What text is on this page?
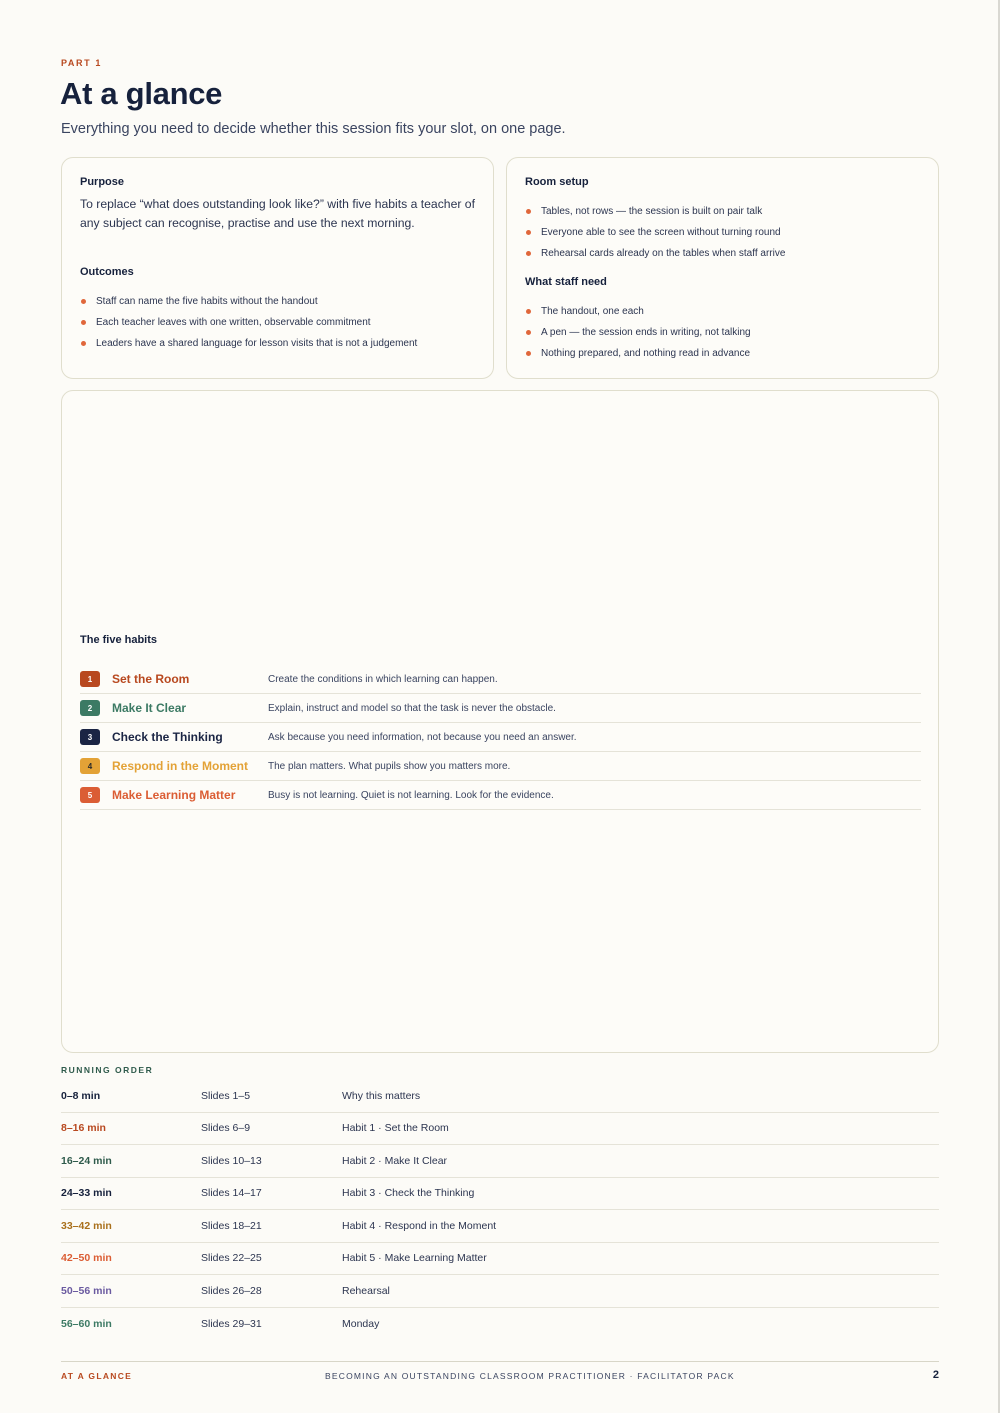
PART 1
At a glance

Everything you need to decide whether this session fits your slot, on one page.

Purpose

To replace “what does outstanding look like?” with five habits a teacher of any subject can recognise, practise and use the next morning.

Outcomes
Staff can name the five habits without the handout
Each teacher leaves with one written, observable commitment
Leaders have a shared language for lesson visits that is not a judgement
Room setup
Tables, not rows — the session is built on pair talk
Everyone able to see the screen without turning round
Rehearsal cards already on the tables when staff arrive
What staff need
The handout, one each
A pen — the session ends in writing, not talking
Nothing prepared, and nothing read in advance
The five habits
1	Set the Room	Create the conditions in which learning can happen.
2	Make It Clear	Explain, instruct and model so that the task is never the obstacle.
3	Check the Thinking	Ask because you need information, not because you need an answer.
4	Respond in the Moment	The plan matters. What pupils show you matters more.
5	Make Learning Matter	Busy is not learning. Quiet is not learning. Look for the evidence.
RUNNING ORDER
0–8 min	Slides 1–5	Why this matters
8–16 min	Slides 6–9	Habit 1 · Set the Room
16–24 min	Slides 10–13	Habit 2 · Make It Clear
24–33 min	Slides 14–17	Habit 3 · Check the Thinking
33–42 min	Slides 18–21	Habit 4 · Respond in the Moment
42–50 min	Slides 22–25	Habit 5 · Make Learning Matter
50–56 min	Slides 26–28	Rehearsal
56–60 min	Slides 29–31	Monday
AT A GLANCE	BECOMING AN OUTSTANDING CLASSROOM PRACTITIONER · FACILITATOR PACK	2
